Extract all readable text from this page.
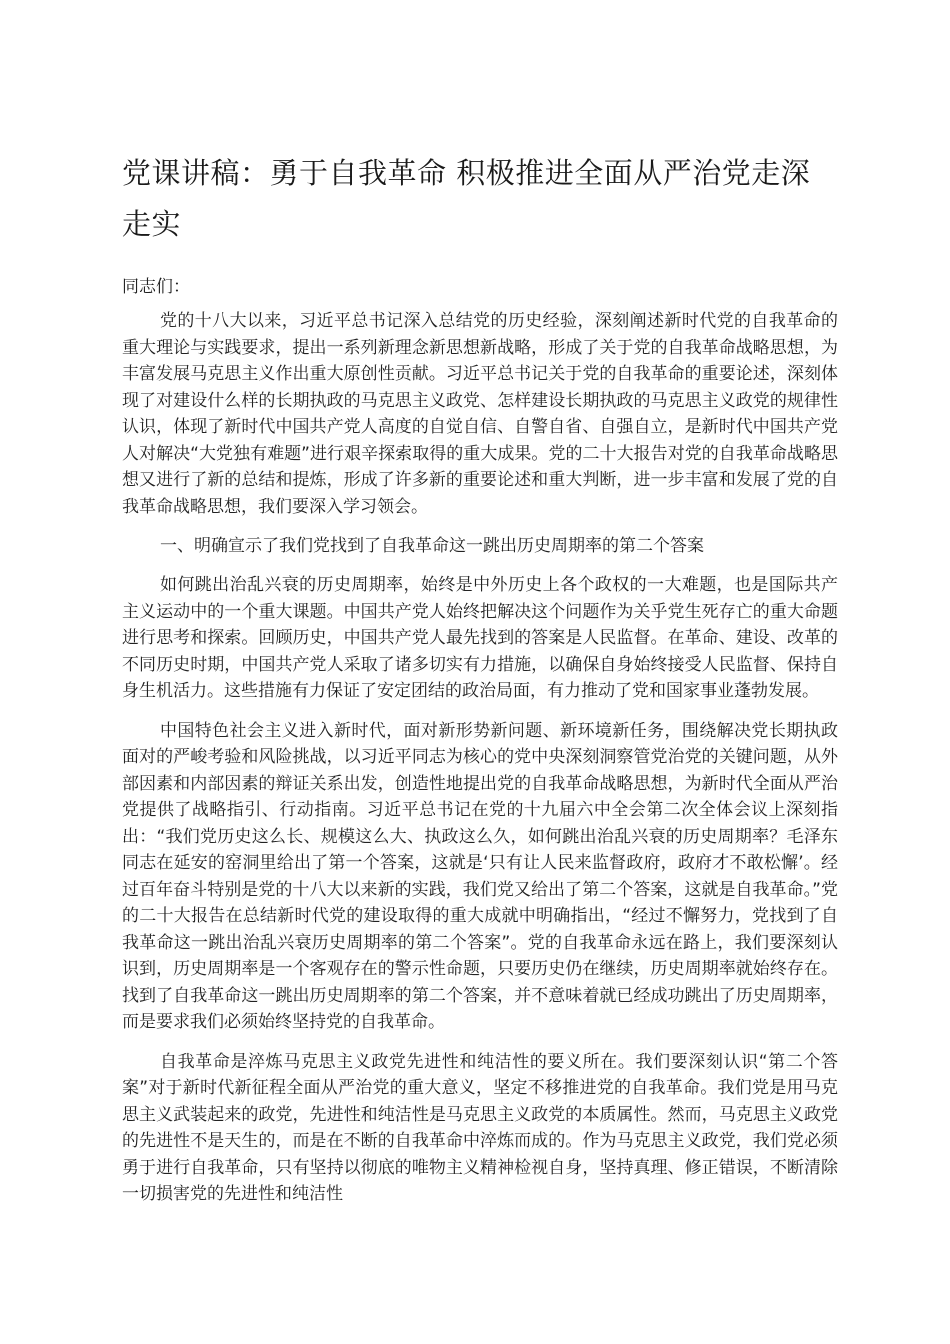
党课讲稿：勇于自我革命 积极推进全面从严治党走深走实

同志们：

党的十八大以来，习近平总书记深入总结党的历史经验，深刻阐述新时代党的自我革命的重大理论与实践要求，提出一系列新理念新思想新战略，形成了关于党的自我革命战略思想，为丰富发展马克思主义作出重大原创性贡献。习近平总书记关于党的自我革命的重要论述，深刻体现了对建设什么样的长期执政的马克思主义政党、怎样建设长期执政的马克思主义政党的规律性认识，体现了新时代中国共产党人高度的自觉自信、自警自省、自强自立，是新时代中国共产党人对解决“大党独有难题”进行艰辛探索取得的重大成果。党的二十大报告对党的自我革命战略思想又进行了新的总结和提炼，形成了许多新的重要论述和重大判断，进一步丰富和发展了党的自我革命战略思想，我们要深入学习领会。

一、明确宣示了我们党找到了自我革命这一跳出历史周期率的第二个答案

如何跳出治乱兴衰的历史周期率，始终是中外历史上各个政权的一大难题，也是国际共产主义运动中的一个重大课题。中国共产党人始终把解决这个问题作为关乎党生死存亡的重大命题进行思考和探索。回顾历史，中国共产党人最先找到的答案是人民监督。在革命、建设、改革的不同历史时期，中国共产党人采取了诸多切实有力措施，以确保自身始终接受人民监督、保持自身生机活力。这些措施有力保证了安定团结的政治局面，有力推动了党和国家事业蓬勃发展。

中国特色社会主义进入新时代，面对新形势新问题、新环境新任务，围绕解决党长期执政面对的严峻考验和风险挑战，以习近平同志为核心的党中央深刻洞察管党治党的关键问题，从外部因素和内部因素的辩证关系出发，创造性地提出党的自我革命战略思想，为新时代全面从严治党提供了战略指引、行动指南。习近平总书记在党的十九届六中全会第二次全体会议上深刻指出：“我们党历史这么长、规模这么大、执政这么久，如何跳出治乱兴衰的历史周期率？毛泽东同志在延安的窑洞里给出了第一个答案，这就是‘只有让人民来监督政府，政府才不敢松懈’。经过百年奋斗特别是党的十八大以来新的实践，我们党又给出了第二个答案，这就是自我革命。”党的二十大报告在总结新时代党的建设取得的重大成就中明确指出，“经过不懈努力，党找到了自我革命这一跳出治乱兴衰历史周期率的第二个答案”。党的自我革命永远在路上，我们要深刻认识到，历史周期率是一个客观存在的警示性命题，只要历史仍在继续，历史周期率就始终存在。找到了自我革命这一跳出历史周期率的第二个答案，并不意味着就已经成功跳出了历史周期率，而是要求我们必须始终坚持党的自我革命。

自我革命是淬炼马克思主义政党先进性和纯洁性的要义所在。我们要深刻认识“第二个答案”对于新时代新征程全面从严治党的重大意义，坚定不移推进党的自我革命。我们党是用马克思主义武装起来的政党，先进性和纯洁性是马克思主义政党的本质属性。然而，马克思主义政党的先进性不是天生的，而是在不断的自我革命中淬炼而成的。作为马克思主义政党，我们党必须勇于进行自我革命，只有坚持以彻底的唯物主义精神检视自身，坚持真理、修正错误，不断清除一切损害党的先进性和纯洁性
